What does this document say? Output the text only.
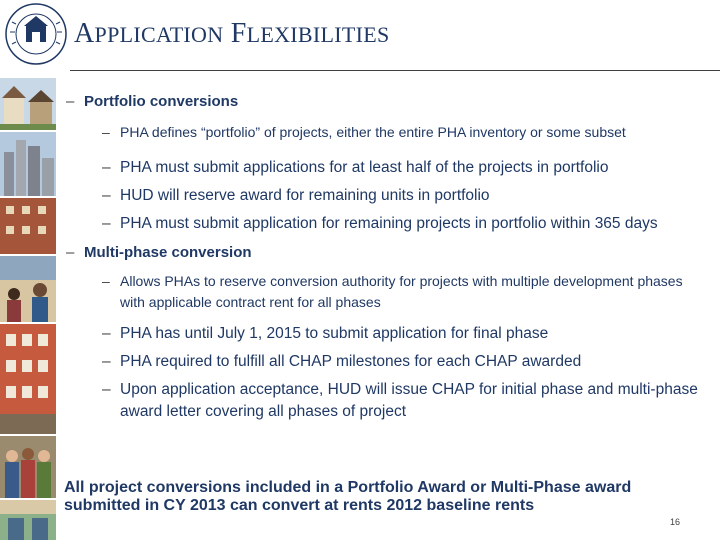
APPLICATION FLEXIBILITIES
– Portfolio conversions
– PHA defines “portfolio” of projects, either the entire PHA inventory or some subset
– PHA must submit applications for at least half of the projects in portfolio
– HUD will reserve award for remaining units in portfolio
– PHA must submit application for remaining projects in portfolio within 365 days
– Multi-phase conversion
– Allows PHAs to reserve conversion authority for projects with multiple development phases with applicable contract rent for all phases
– PHA has until July 1, 2015 to submit application for final phase
– PHA required to fulfill all CHAP milestones for each CHAP awarded
– Upon application acceptance, HUD will issue CHAP for initial phase and multi-phase award letter covering all phases of project
All project conversions included in a Portfolio Award or Multi-Phase award submitted in CY 2013 can convert at rents 2012 baseline rents
16
